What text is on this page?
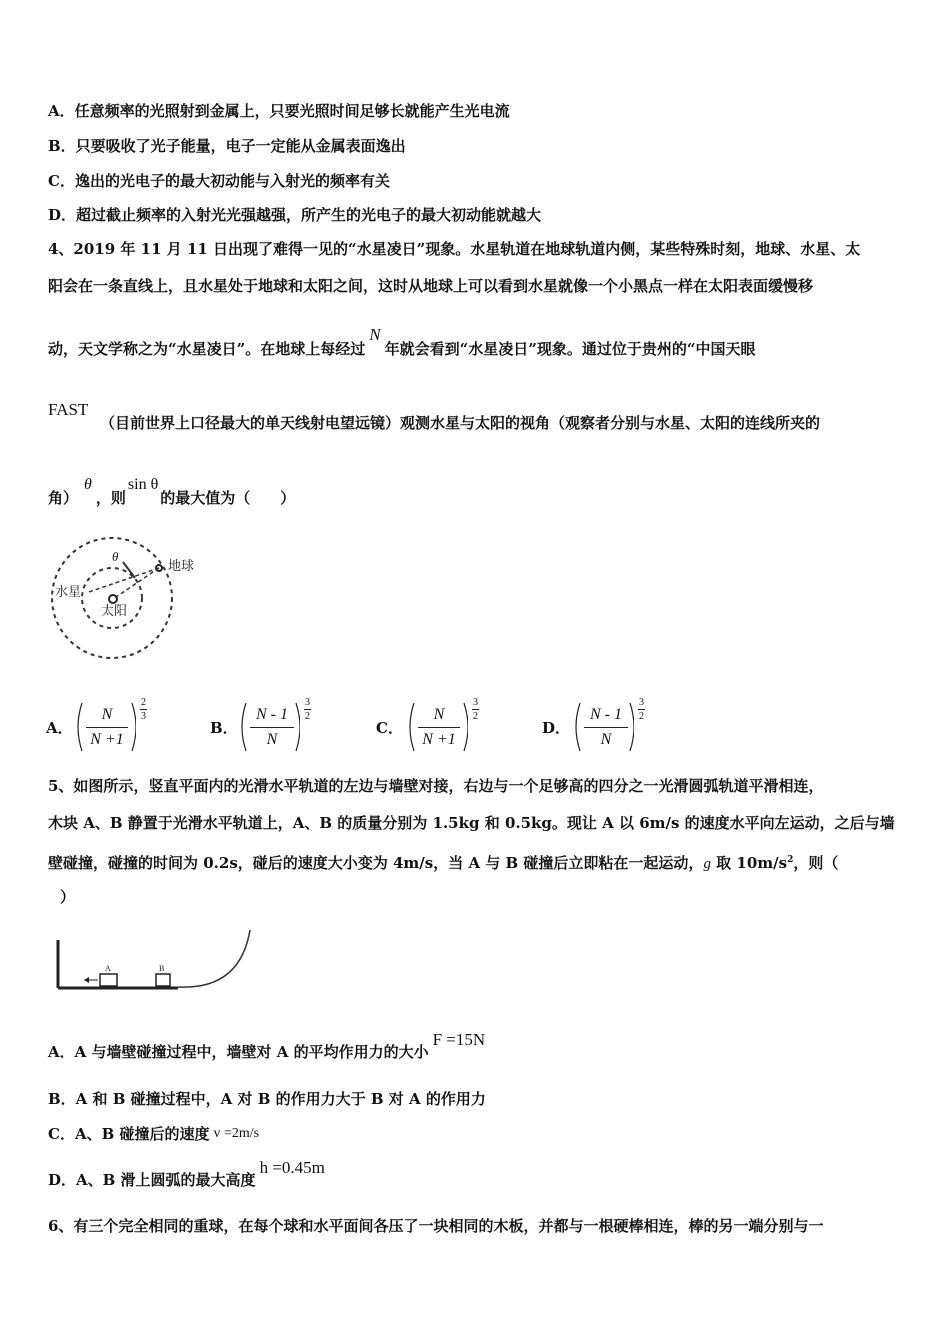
A．任意频率的光照射到金属上，只要光照时间足够长就能产生光电流
B．只要吸收了光子能量，电子一定能从金属表面逸出
C．逸出的光电子的最大初动能与入射光的频率有关
D．超过截止频率的入射光光强越强，所产生的光电子的最大初动能就越大
4、2019 年 11 月 11 日出现了难得一见的“水星凌日”现象。水星轨道在地球轨道内侧，某些特殊时刻，地球、水星、太
阳会在一条直线上，且水星处于地球和太阳之间，这时从地球上可以看到水星就像一个小黑点一样在太阳表面缓慢移
动，天文学称之为“水星凌日”。在地球上每经过N年就会看到“水星凌日”现象。通过位于贵州的“中国天眼
FAST
（目前世界上口径最大的单天线射电望远镜）观测水星与太阳的视角（观察者分别与水星、太阳的连线所夹的
角）θ，则sin θ的最大值为（　　）
θ
地球
水星
太阳
A．
N
N +1
2
3
B．
N - 1
N
3
2
C．
N
N +1
3
2
D．
N - 1
N
3
2
5、如图所示，竖直平面内的光滑水平轨道的左边与墙壁对接，右边与一个足够高的四分之一光滑圆弧轨道平滑相连，
木块 A、B 静置于光滑水平轨道上，A、B 的质量分别为 1.5kg 和 0.5kg。现让 A 以 6m/s 的速度水平向左运动，之后与墙
壁碰撞，碰撞的时间为 0.2s，碰后的速度大小变为 4m/s，当 A 与 B 碰撞后立即粘在一起运动，g 取 $10m/s^2$，则（
）
A	B
A．A 与墙壁碰撞过程中，墙壁对 A 的平均作用力的大小F =15N
B．A 和 B 碰撞过程中，A 对 B 的作用力大于 B 对 A 的作用力
C．A、B 碰撞后的速度 v =2m/s
D．A、B 滑上圆弧的最大高度h =0.45m
6、有三个完全相同的重球，在每个球和水平面间各压了一块相同的木板，并都与一根硬棒相连，棒的另一端分别与一
